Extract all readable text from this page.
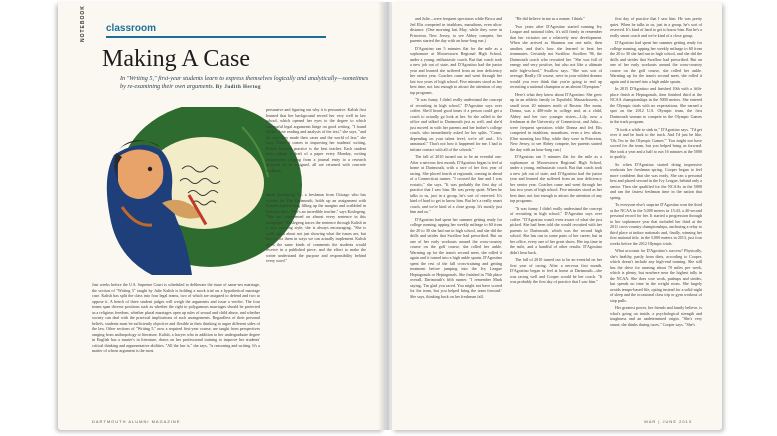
NOTEBOOK classroom
Making A Case
In "Writing 5," first-year students learn to express themselves logically and analytically—sometimes by re-examining their own arguments. By Judith Hertog
persuasive and figuring out why it is persuasive. Kalish first learned that her background served her very well in law school, which opened her eyes to the degree to which successful legal arguments hinge on good writing. "I found all the close reading and analysis of the text," she says, "and the way they made their cases and the world of law," she says. When it comes to improving her students' writing, Kalish believes practice is the best teacher. Each student must submit a draft of a paper every Monday, writing assignments ranging from a journal entry to a research proposal to an assigned, all are returned with concrete feedback.
Sarah Koslegeng '16, a freshman from Chicago who has written for The Dartmouth, holds up an assignment with Kalish's handwriting filling up the margins and scribbled in between lines. "Her's an incredible teacher," says Koslegeng. "She has commented on almost every sentence in this paragraph." Koslegeng traces the sentence through Kalish in a very exacting style, she is always encouraging. "She is really great about not just showing what the issues are, but how to fix them in ways we can actually implement. Kalish gives the same kinds of comments the students would receive in a published piece, and the effort to make the writer understand the purpose and responsibility behind every word."
Just weeks before the U.S. Supreme Court is scheduled to deliberate the issue of same-sex marriage, the section of "Writing 5" taught by Julie Kalish is holding a mock trial on a hypothetical marriage case. Kalish has split the class into four legal teams, two of which are assigned to defend and two to oppose it. A bench of three student judges will weigh the arguments and issue a verdict. The four teams span diverse positions such as whether the right to polygamous marriages should be protected as a religious freedom, whether plural marriages open up rules of sexual and child abuse, and whether society can deal with the practical implications of such arrangements. Regardless of their personal beliefs, students must be sufficiently objective and flexible in their thinking to argue different sides of the law. Other sections of "Writing 5," now a required first-year course, are taught from perspectives ranging from anthropology to literature. Kalish, a lawyer who in addition to her undergraduate degree in English has a master's in literature, draws on her professional training to improve her students' critical thinking and argumentative abilities. "All the law is," she says, "is reasoning and writing. It's a matter of whose argument is the most
DARTMOUTH ALUMNI MAGAZINE

and Julie—were frequent spectators while Becca and Jed Elis competed in triathlons, marathons, even ultra-distance. (One morning last May, while they were in Princeton, New Jersey, to see Abbey compete, her parents started the day with an hour-long run.)

D'Agostino ran 5 minutes flat for the mile as a sophomore at Moorestown Regional High School, under a young, enthusiastic coach. But that coach took a new job out of state, and D'Agostino had the junior year and learned she suffered from an iron deficiency her senior year. Coaches came and went through her last two years of high school. Five minutes stood as her best time, not fast enough to attract the attention of any top programs.

"It was funny. I didn't really understand the concept of recruiting in high school," D'Agostino says over coffee. She'd heard good times if a person could get a coach to actually go look at her. So she called to the office and talked to Dartmouth just as well, and she'd just moved in with her parents and her bother's college coach, who immediately asked for her splits. "Come, depending on your talent level, we're off and... It's unnatural." That's not how it happened for me. I had to initiate contact with all of the schools."

The fall of 2010 turned out to be an eventful one. After a nervous first month, D'Agostino began to feel at home at Dartmouth, with a race of her first year of racing. She placed fourth at regionals, coming in ahead of a Connecticut runner. "I crossed the line and I was ecstatic," she says. "It was probably the first day of practice that I saw him. He was pretty quiet. When he talks to us, just in a group, he's sort of reserved. It's kind of hard to get to know him. But he's a really smart coach, and we're kind of a close group. It's mostly just him and us."

D'Agostino had spent her summer getting ready for college running, upping her weekly mileage to 60 from the 20 to 30 she had run in high school, and she did the drills and strides that Swallow had prescribed. But on one of her early workouts around the cross-country course on the golf course, she rolled her ankle. Warming up for the team's second meet, she rolled it again and it turned into a high ankle sprain. D'Agostino spent the rest of the fall cross-training and getting treatment before jumping into the Ivy League Heptagonals or Heptagonals. She finished in 75th place overall, Dartmouth's fifth runner. "I remember Mark saying, 'I'm glad you raced. You might not have scored for the team, but you helped bring the team forward.' She says, thinking back on her freshman fall.

"He did believe in me as a runner. I think."

Two years after D'Agostino started running Ivy League and national titles, it's still firmly in remember that her victories are a relatively new development. When she arrived as Shannon ran one mile, then another, and that's how she learned to beat her teammates. Certainly not Swallow. Swallow '96, the Dartmouth coach who recruited her. "She was full of energy and very positive, but also not like a ultimate mile high-school," Swallow says. "She was sort of average. Really. Of course, were in your wildest dreams would you ever think that you're going to end up recruiting a national champion or an almost Olympian."

Here's what they know about D'Agostino: She grew up in an athletic family in Topsfield, Massachusetts, a small town 20 minutes north of Boston. Her mom, Donna, was a 400-mile in college and, as a child, Abbey and her two younger sisters—Lily, now a freshman at the University of Connecticut, and Julia—were frequent spectators while Donna and Jed Elis competed in triathlons, marathons, even a few ultras. (One morning last May, while they were in Princeton, New Jersey, to see Abbey compete, her parents started the day with an hour-long run.)

D'Agostino ran 5 minutes flat for the mile as a sophomore at Moorestown Regional High School, under a young, enthusiastic coach. But that coach took a new job out of state, and D'Agostino had the junior year and learned she suffered from an iron deficiency her senior year. Coaches came and went through her last two years of high school. Five minutes stood as her best time, not fast enough to attract the attention of any top programs.

"It was funny. I didn't really understand the concept of recruiting in high school," D'Agostino says over coffee. "D'Agostino wasn't even aware of what she just picked. She had been told she would recruited with her parents to Dartmouth, which was the second high school. She has run in some parts of her career, but in her office, every one of her great shoes. Her top time in the mile, and a handful of other results. D'Agostino didn't hear back.

The fall of 2010 turned out to be an eventful on her first year of racing. After a nervous first month, D'Agostino began to feel at home at Dartmouth—she was racing well and Cooper would be her coach. "It was probably the first day of practice that I saw him."

first day of practice that I saw him. He was pretty quiet. When he talks to us, just in a group, he's sort of reserved. It's kind of hard to get to know him. But he's a really smart coach and we're kind of a close group.

D'Agostino had spent her summer getting ready for college running, upping her weekly mileage to 60 from the 20 to 30 she had run in high school, and she did the drills and strides that Swallow had prescribed. But on one of her early workouts around the cross-country course on the golf course, she rolled her ankle. Warming up for the team's second meet, she rolled it again and it turned into a high ankle sprain.

In 2015 D'Agostino and finished 10th with a fifth-place finish at Heptagonals, then finished third at the NCAA championships in the 5000 meters. She entered the Olympic trials with no expectations. She earned a spot on the 2012 U.S. Olympic team, the first Dartmouth woman to compete in the Olympic Games in the track program.

"It took a while to sink in," D'Agostino says. "I'd get over it and be back to the track. And I'd just be like, 'Oh, I'm in the Olympic Games.'" You might not have scored for the team, but you helped bring us forward. She took a year and a half to run 16 minutes at the 5000 to qualify.

So when D'Agostino started doing impressive workouts her freshman spring, Cooper began to feel more confident that she was ready. She ran a personal best and placed second in the Ivy League, behind only a senior. Then she qualified for the NCAAs in the 5000 and ran the fastest freshman time in the nation that spring.

To everyone else's surprise D'Agostino won the third at the NCAA in the 5,000 meters in 15:43, a 40-second personal record for her. It started a progression through to her sophomore year that included her third at the 2011 cross-country championships, anchoring a relay to third place at indoor nationals and, finally, winning her first national title, in the 5,000 meters in 2013, just four weeks before the 2012 Olympic trials.

What accounts for D'Agostino's success? Physically, she's healthy, partly from diets, according to Cooper, which doesn't include any high-end training. She still has the drive for running about 70 miles per week, which is plenty, but nowhere near the highest tally in the NCAA. She does core work, pushups and strides, but spends no time in the weight room. She largely avoids tempo-based life, opting instead for a solid night of sleep and the occasional class trip or gym workout of stop pulls.

Her greatest power, her friends and family believe, is what's going on inside, a psychological strength and toughness and an undetermined origin. "She's very smart; she thinks during races," Cooper says. "She's

MAR | JUNE 2013
